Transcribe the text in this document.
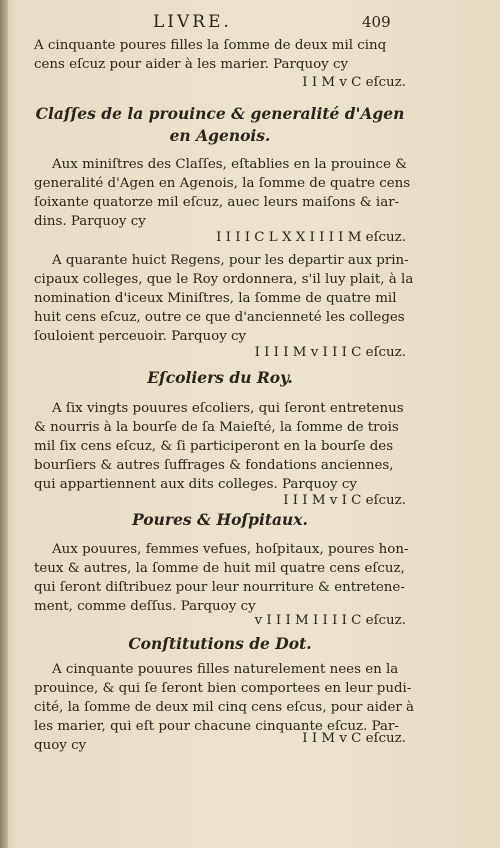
LIVRE.	409
A cinquante poures filles la ſomme de deux mil cinq
cens eſcuz pour aider à les marier. Parquoy cy
I I M v C eſcuz.
Claſſes de la prouince & generalité d'Agen
en Agenois.
Aux miniſtres des Claſſes, eſtablies en la prouince &
generalité d'Agen en Agenois, la ſomme de quatre cens
ſoixante quatorze mil eſcuz, auec leurs maiſons & iar-
dins. Parquoy cy
I I I I C L X X I I I I M eſcuz.
A quarante huict Regens, pour les departir aux prin-
cipaux colleges, que le Roy ordonnera, s'il luy plait, à la
nomination d'iceux Miniſtres, la ſomme de quatre mil
huit cens eſcuz, outre ce que d'ancienneté les colleges
ſouloient perceuoir. Parquoy cy
I I I I M v I I I C eſcuz.
Eſcoliers du Roy.
A ſix vingts pouures eſcoliers, qui ſeront entretenus
& nourris à la bourſe de ſa Maieſté, la ſomme de trois
mil ſix cens eſcuz, & ſi participeront en la bourſe des
bourſiers & autres ſuffrages & fondations anciennes,
qui appartiennent aux dits colleges. Parquoy cy
I I I M v I C eſcuz.
Poures & Hoſpitaux.
Aux pouures, femmes vefues, hoſpitaux, poures hon-
teux & autres, la ſomme de huit mil quatre cens eſcuz,
qui ſeront diſtribuez pour leur nourriture & entretene-
ment, comme deſſus. Parquoy cy
v I I I M I I I I C eſcuz.
Conſtitutions de Dot.
A cinquante pouures filles naturelement nees en la
prouince, & qui ſe ſeront bien comportees en leur pudi-
cité, la ſomme de deux mil cinq cens eſcus, pour aider à
les marier, qui eſt pour chacune cinquante eſcuz. Par-
quoy cy	I I M v C eſcuz.
